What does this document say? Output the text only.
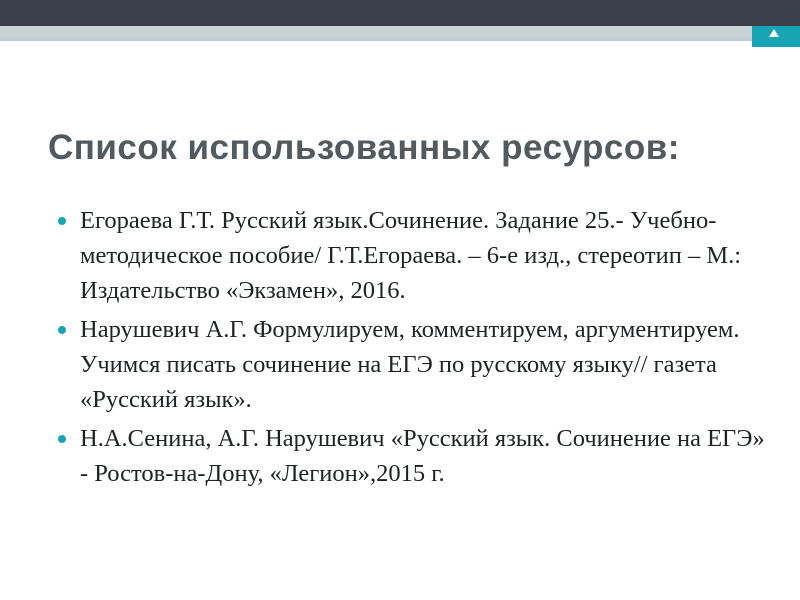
Список использованных ресурсов:
Егораева Г.Т. Русский язык.Сочинение. Задание 25.- Учебно-методическое пособие/ Г.Т.Егораева. – 6-е изд., стереотип – М.: Издательство «Экзамен», 2016.
Нарушевич А.Г. Формулируем, комментируем, аргументируем. Учимся писать сочинение на ЕГЭ по русскому языку// газета «Русский язык».
Н.А.Сенина, А.Г. Нарушевич «Русский язык. Сочинение на ЕГЭ» - Ростов-на-Дону, «Легион»,2015 г.
